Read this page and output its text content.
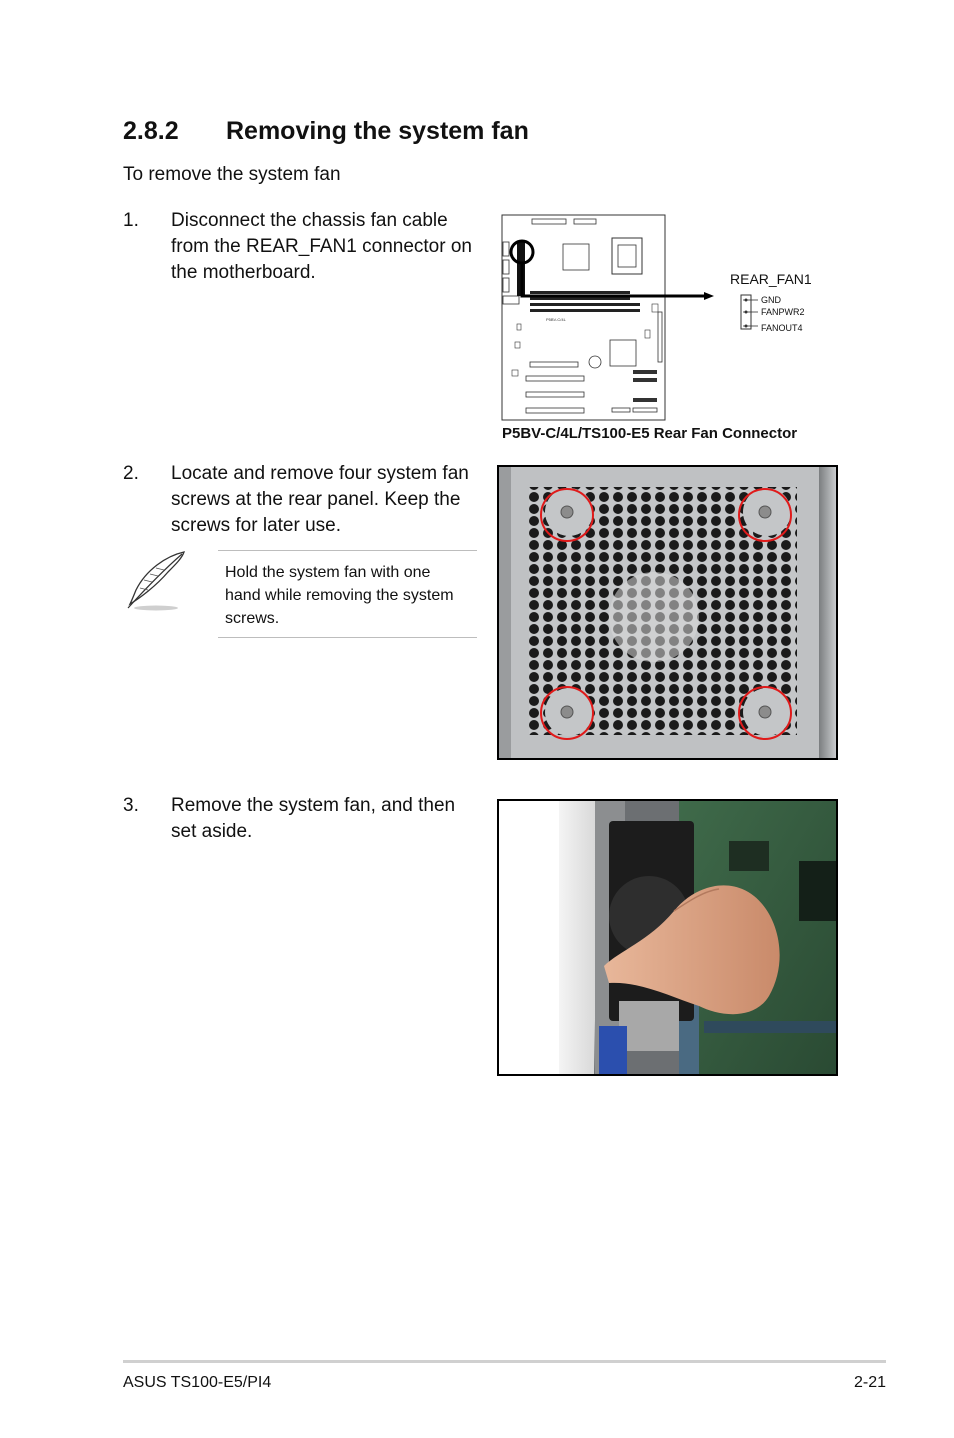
2.8.2 Removing the system fan
To remove the system fan
1. Disconnect the chassis fan cable
from the REAR_FAN1 connector on
the motherboard.
P5BV-C/4L
REAR_FAN1
GND
FANPWR2
FANOUT4
P5BV-C/4L/TS100-E5 Rear Fan Connector
2. Locate and remove four system fan
screws at the rear panel. Keep the
screws for later use.
Hold the system fan with one
hand while removing the system
screws.
3. Remove the system fan, and then
set aside.
ASUS TS100-E5/PI4	2-21
